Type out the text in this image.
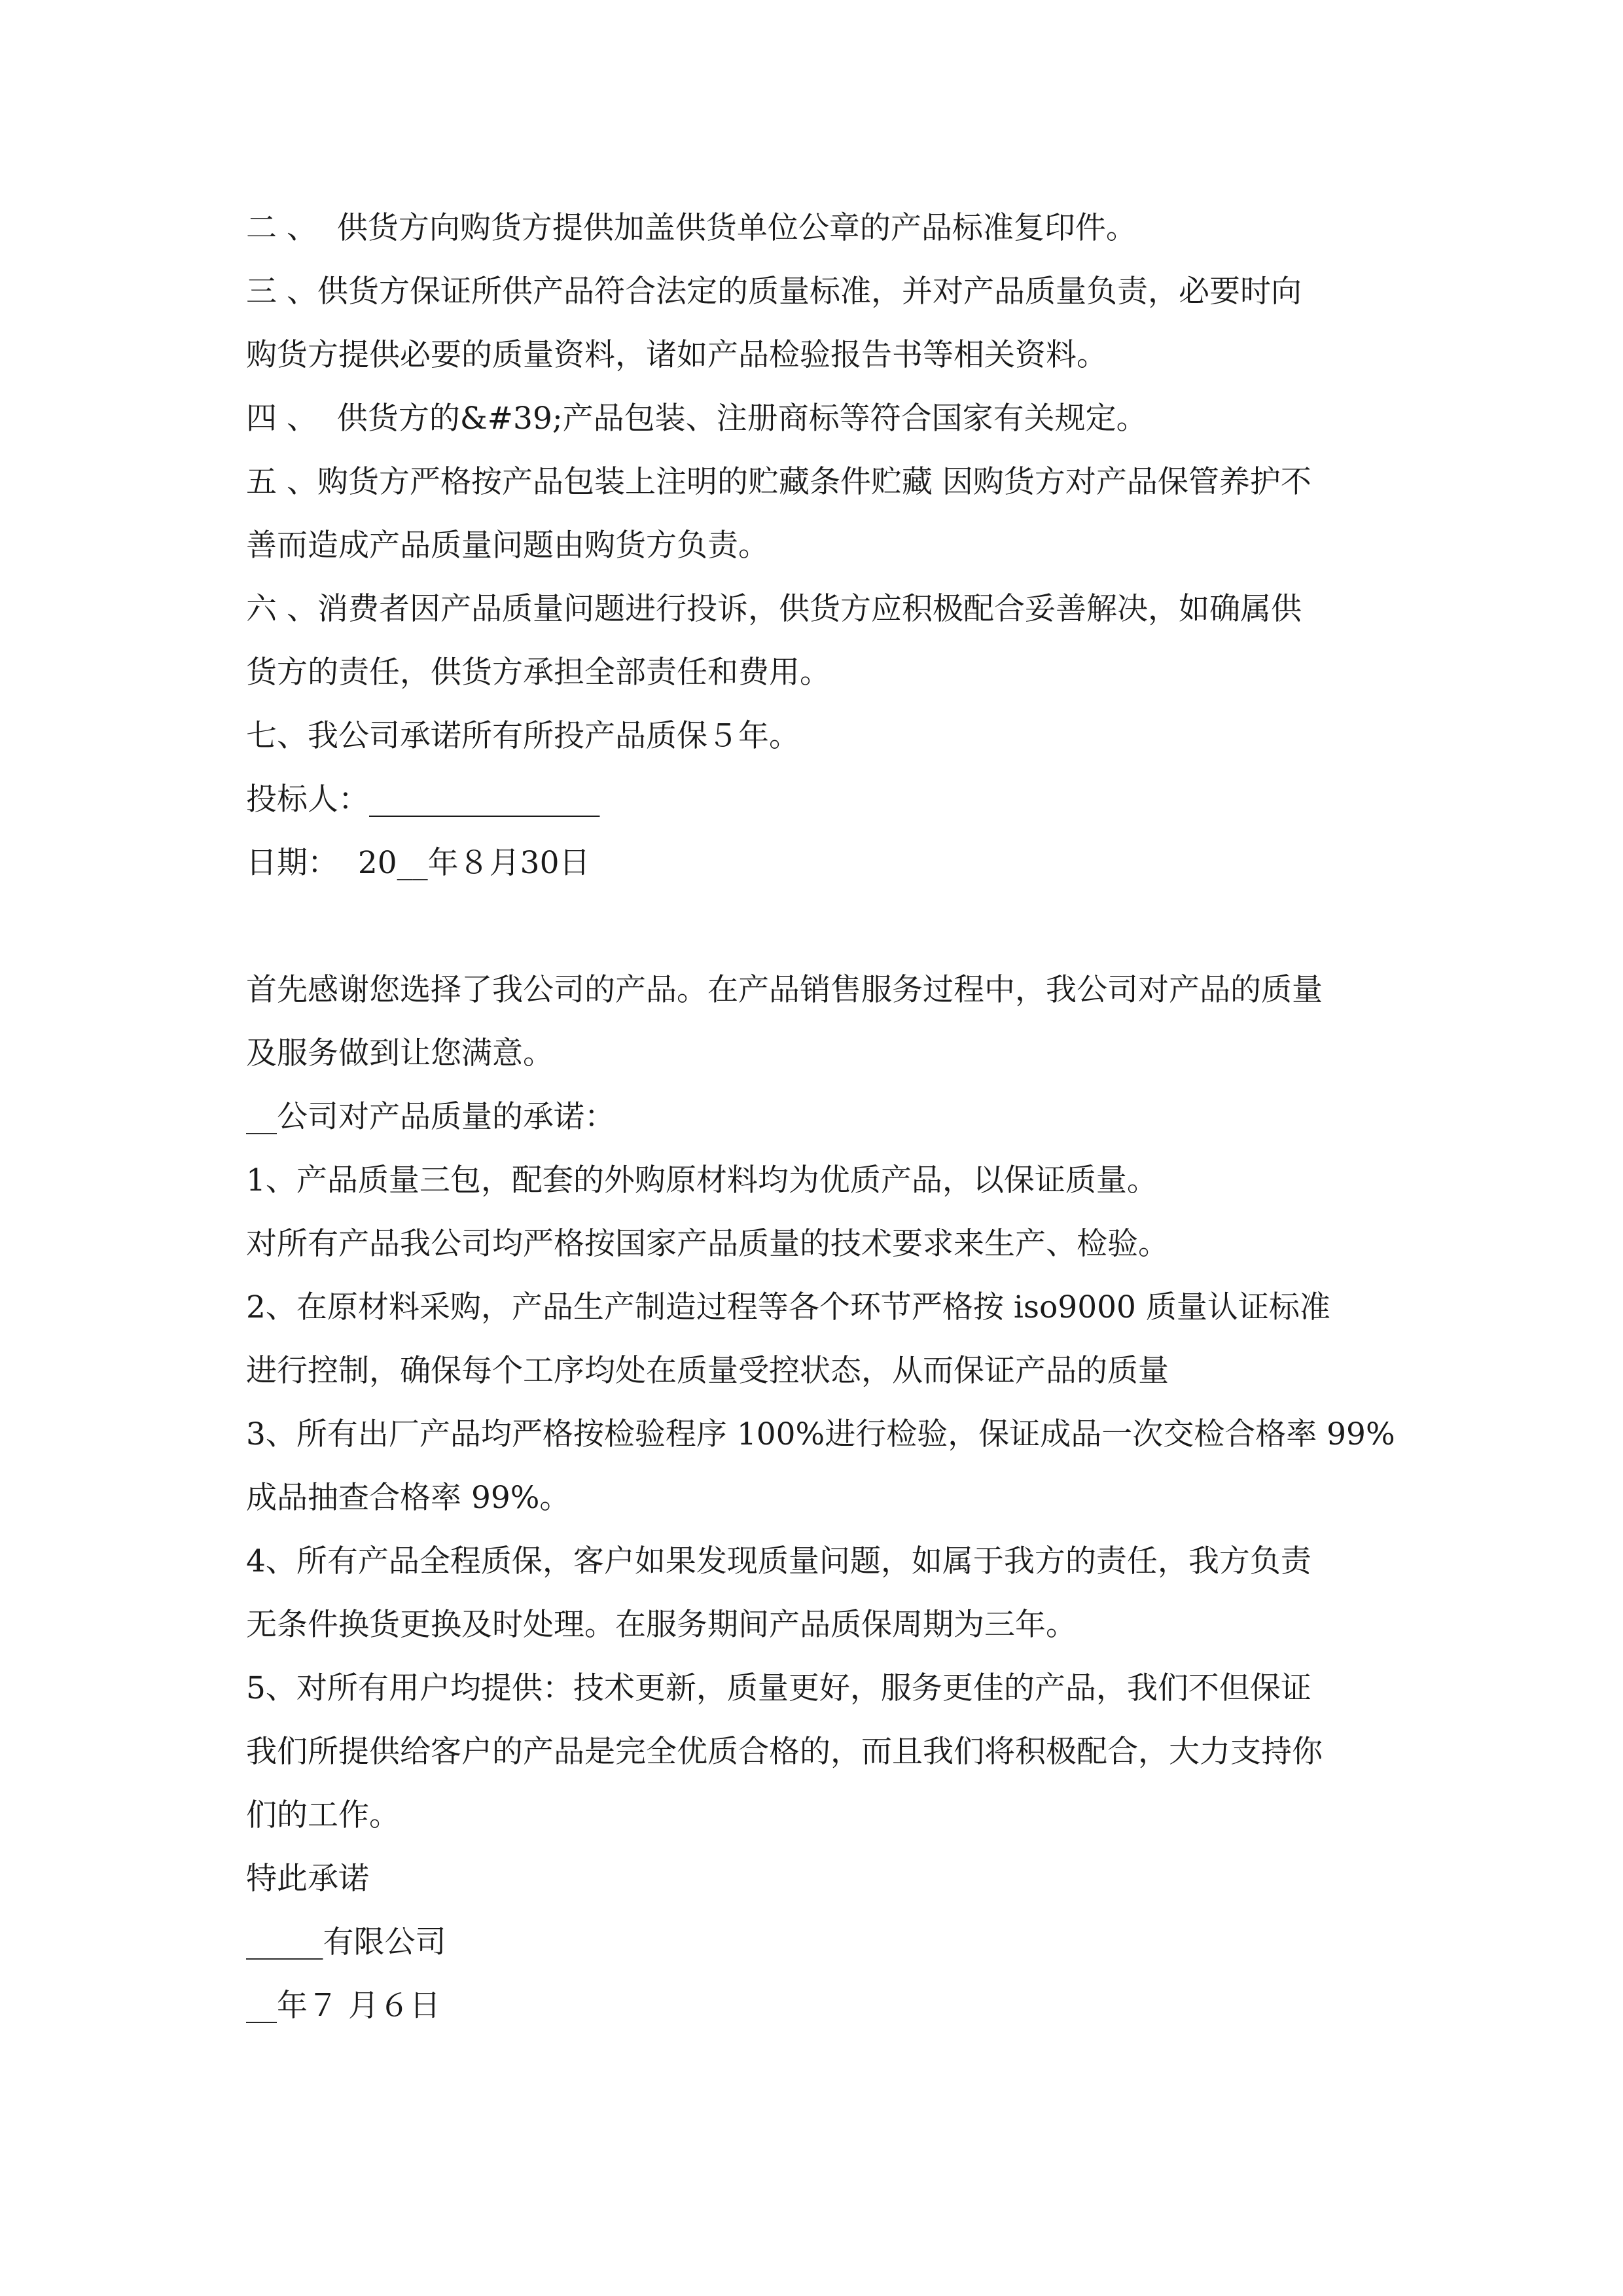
二 、  供货方向购货方提供加盖供货单位公章的产品标准复印件。
三 、供货方保证所供产品符合法定的质量标准，并对产品质量负责，必要时向
购货方提供必要的质量资料，诸如产品检验报告书等相关资料。
四 、  供货方的&#39;产品包装、注册商标等符合国家有关规定。
五 、购货方严格按产品包装上注明的贮藏条件贮藏 因购货方对产品保管养护不
善而造成产品质量问题由购货方负责。
六 、消费者因产品质量问题进行投诉，供货方应积极配合妥善解决，如确属供
货方的责任，供货方承担全部责任和费用。
七、我公司承诺所有所投产品质保５年。
投标人：_______________
日期：  20__年８月30日
首先感谢您选择了我公司的产品。在产品销售服务过程中，我公司对产品的质量
及服务做到让您满意。
__公司对产品质量的承诺：
1、产品质量三包，配套的外购原材料均为优质产品，以保证质量。
对所有产品我公司均严格按国家产品质量的技术要求来生产、检验。
2、在原材料采购，产品生产制造过程等各个环节严格按 iso9000 质量认证标准
进行控制，确保每个工序均处在质量受控状态，从而保证产品的质量
3、所有出厂产品均严格按检验程序 100%进行检验，保证成品一次交检合格率 99%
成品抽查合格率 99%。
4、所有产品全程质保，客户如果发现质量问题，如属于我方的责任，我方负责
无条件换货更换及时处理。在服务期间产品质保周期为三年。
5、对所有用户均提供：技术更新，质量更好，服务更佳的产品，我们不但保证
我们所提供给客户的产品是完全优质合格的，而且我们将积极配合，大力支持你
们的工作。
特此承诺
_____有限公司
__年７ 月６日
